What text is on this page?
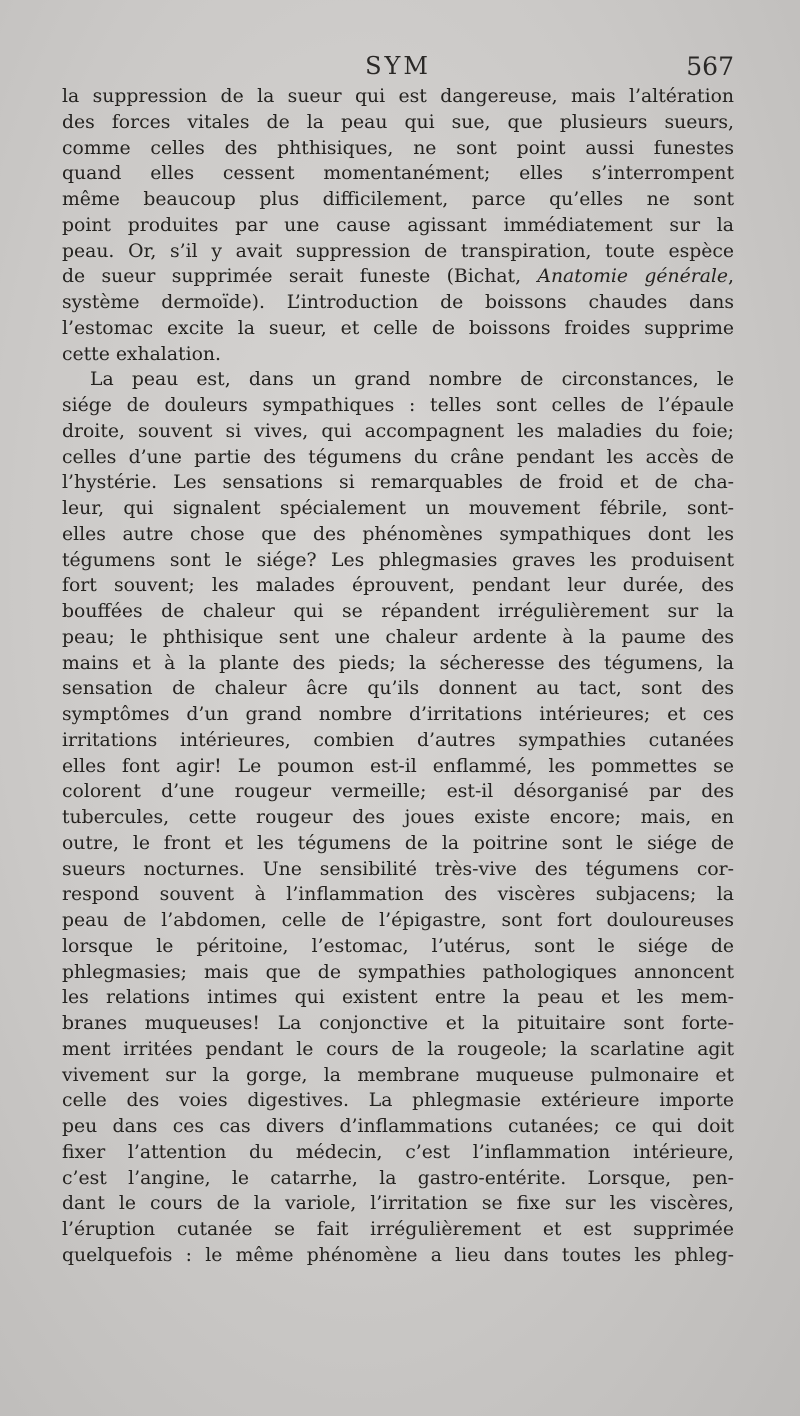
SYM	567
la suppression de la sueur qui est dangereuse, mais l’altération
des forces vitales de la peau qui sue, que plusieurs sueurs,
comme celles des phthisiques, ne sont point aussi funestes
quand elles cessent momentanément; elles s’interrompent
même beaucoup plus difficilement, parce qu’elles ne sont
point produites par une cause agissant immédiatement sur la
peau. Or, s’il y avait suppression de transpiration, toute espèce
de sueur supprimée serait funeste (Bichat, Anatomie générale,
système dermoïde). L’introduction de boissons chaudes dans
l’estomac excite la sueur, et celle de boissons froides supprime
cette exhalation.
La peau est, dans un grand nombre de circonstances, le
siége de douleurs sympathiques : telles sont celles de l’épaule
droite, souvent si vives, qui accompagnent les maladies du foie;
celles d’une partie des tégumens du crâne pendant les accès de
l’hystérie. Les sensations si remarquables de froid et de cha-
leur, qui signalent spécialement un mouvement fébrile, sont-
elles autre chose que des phénomènes sympathiques dont les
tégumens sont le siége? Les phlegmasies graves les produisent
fort souvent; les malades éprouvent, pendant leur durée, des
bouffées de chaleur qui se répandent irrégulièrement sur la
peau; le phthisique sent une chaleur ardente à la paume des
mains et à la plante des pieds; la sécheresse des tégumens, la
sensation de chaleur âcre qu’ils donnent au tact, sont des
symptômes d’un grand nombre d’irritations intérieures; et ces
irritations intérieures, combien d’autres sympathies cutanées
elles font agir! Le poumon est-il enflammé, les pommettes se
colorent d’une rougeur vermeille; est-il désorganisé par des
tubercules, cette rougeur des joues existe encore; mais, en
outre, le front et les tégumens de la poitrine sont le siége de
sueurs nocturnes. Une sensibilité très-vive des tégumens cor-
respond souvent à l’inflammation des viscères subjacens; la
peau de l’abdomen, celle de l’épigastre, sont fort douloureuses
lorsque le péritoine, l’estomac, l’utérus, sont le siége de
phlegmasies; mais que de sympathies pathologiques annoncent
les relations intimes qui existent entre la peau et les mem-
branes muqueuses! La conjonctive et la pituitaire sont forte-
ment irritées pendant le cours de la rougeole; la scarlatine agit
vivement sur la gorge, la membrane muqueuse pulmonaire et
celle des voies digestives. La phlegmasie extérieure importe
peu dans ces cas divers d’inflammations cutanées; ce qui doit
fixer l’attention du médecin, c’est l’inflammation intérieure,
c’est l’angine, le catarrhe, la gastro-entérite. Lorsque, pen-
dant le cours de la variole, l’irritation se fixe sur les viscères,
l’éruption cutanée se fait irrégulièrement et est supprimée
quelquefois : le même phénomène a lieu dans toutes les phleg-
